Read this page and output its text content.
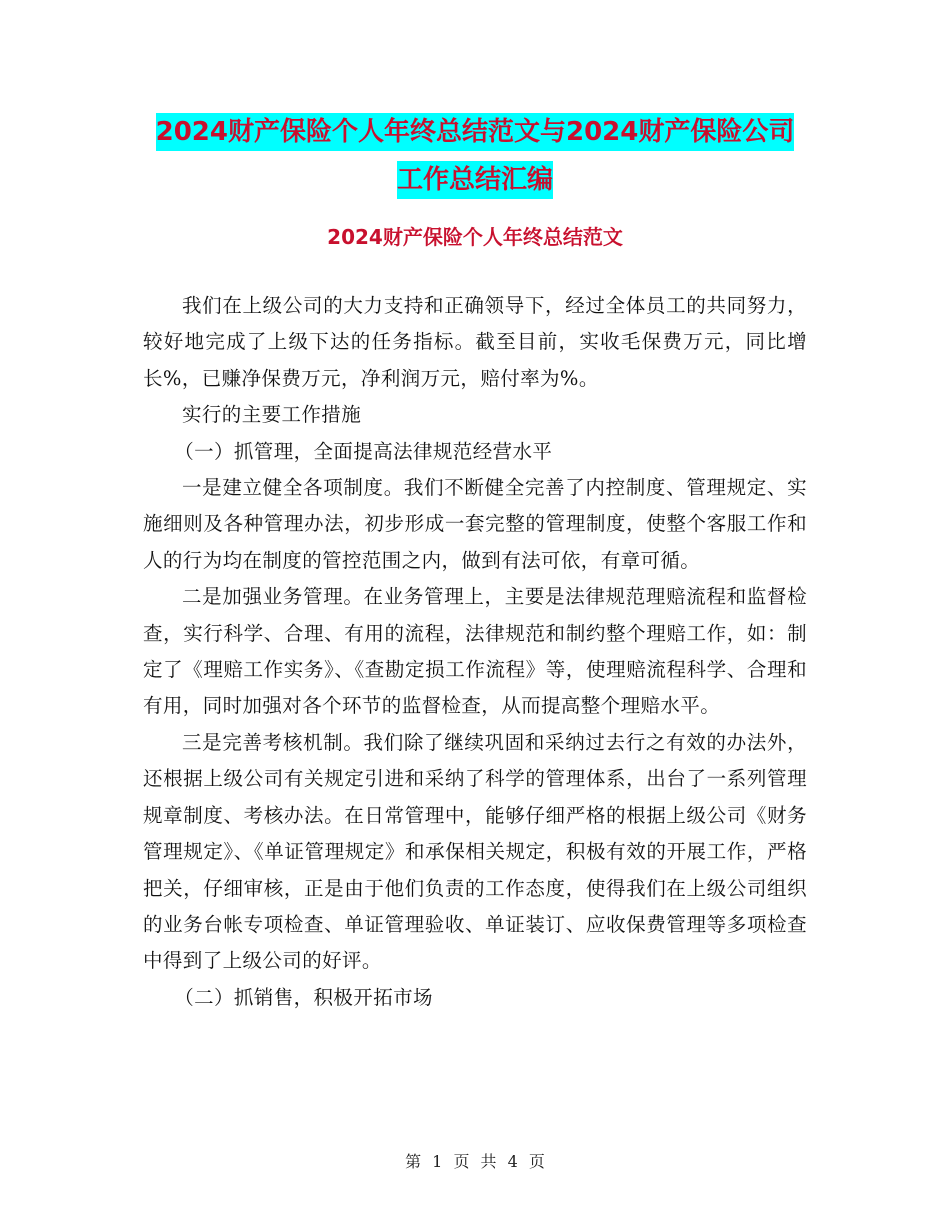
2024财产保险个人年终总结范文与2024财产保险公司
工作总结汇编
2024财产保险个人年终总结范文

我们在上级公司的大力支持和正确领导下，经过全体员工的共同努力，较好地完成了上级下达的任务指标。截至目前，实收毛保费万元，同比增长%，已赚净保费万元，净利润万元，赔付率为%。

实行的主要工作措施

（一）抓管理，全面提高法律规范经营水平

一是建立健全各项制度。我们不断健全完善了内控制度、管理规定、实施细则及各种管理办法，初步形成一套完整的管理制度，使整个客服工作和人的行为均在制度的管控范围之内，做到有法可依，有章可循。

二是加强业务管理。在业务管理上，主要是法律规范理赔流程和监督检查，实行科学、合理、有用的流程，法律规范和制约整个理赔工作，如：制定了《理赔工作实务》、《查勘定损工作流程》等，使理赔流程科学、合理和有用，同时加强对各个环节的监督检查，从而提高整个理赔水平。

三是完善考核机制。我们除了继续巩固和采纳过去行之有效的办法外，还根据上级公司有关规定引进和采纳了科学的管理体系，出台了一系列管理规章制度、考核办法。在日常管理中，能够仔细严格的根据上级公司《财务管理规定》、《单证管理规定》和承保相关规定，积极有效的开展工作，严格把关，仔细审核，正是由于他们负责的工作态度，使得我们在上级公司组织的业务台帐专项检查、单证管理验收、单证装订、应收保费管理等多项检查中得到了上级公司的好评。

（二）抓销售，积极开拓市场

第 1 页 共 4 页
